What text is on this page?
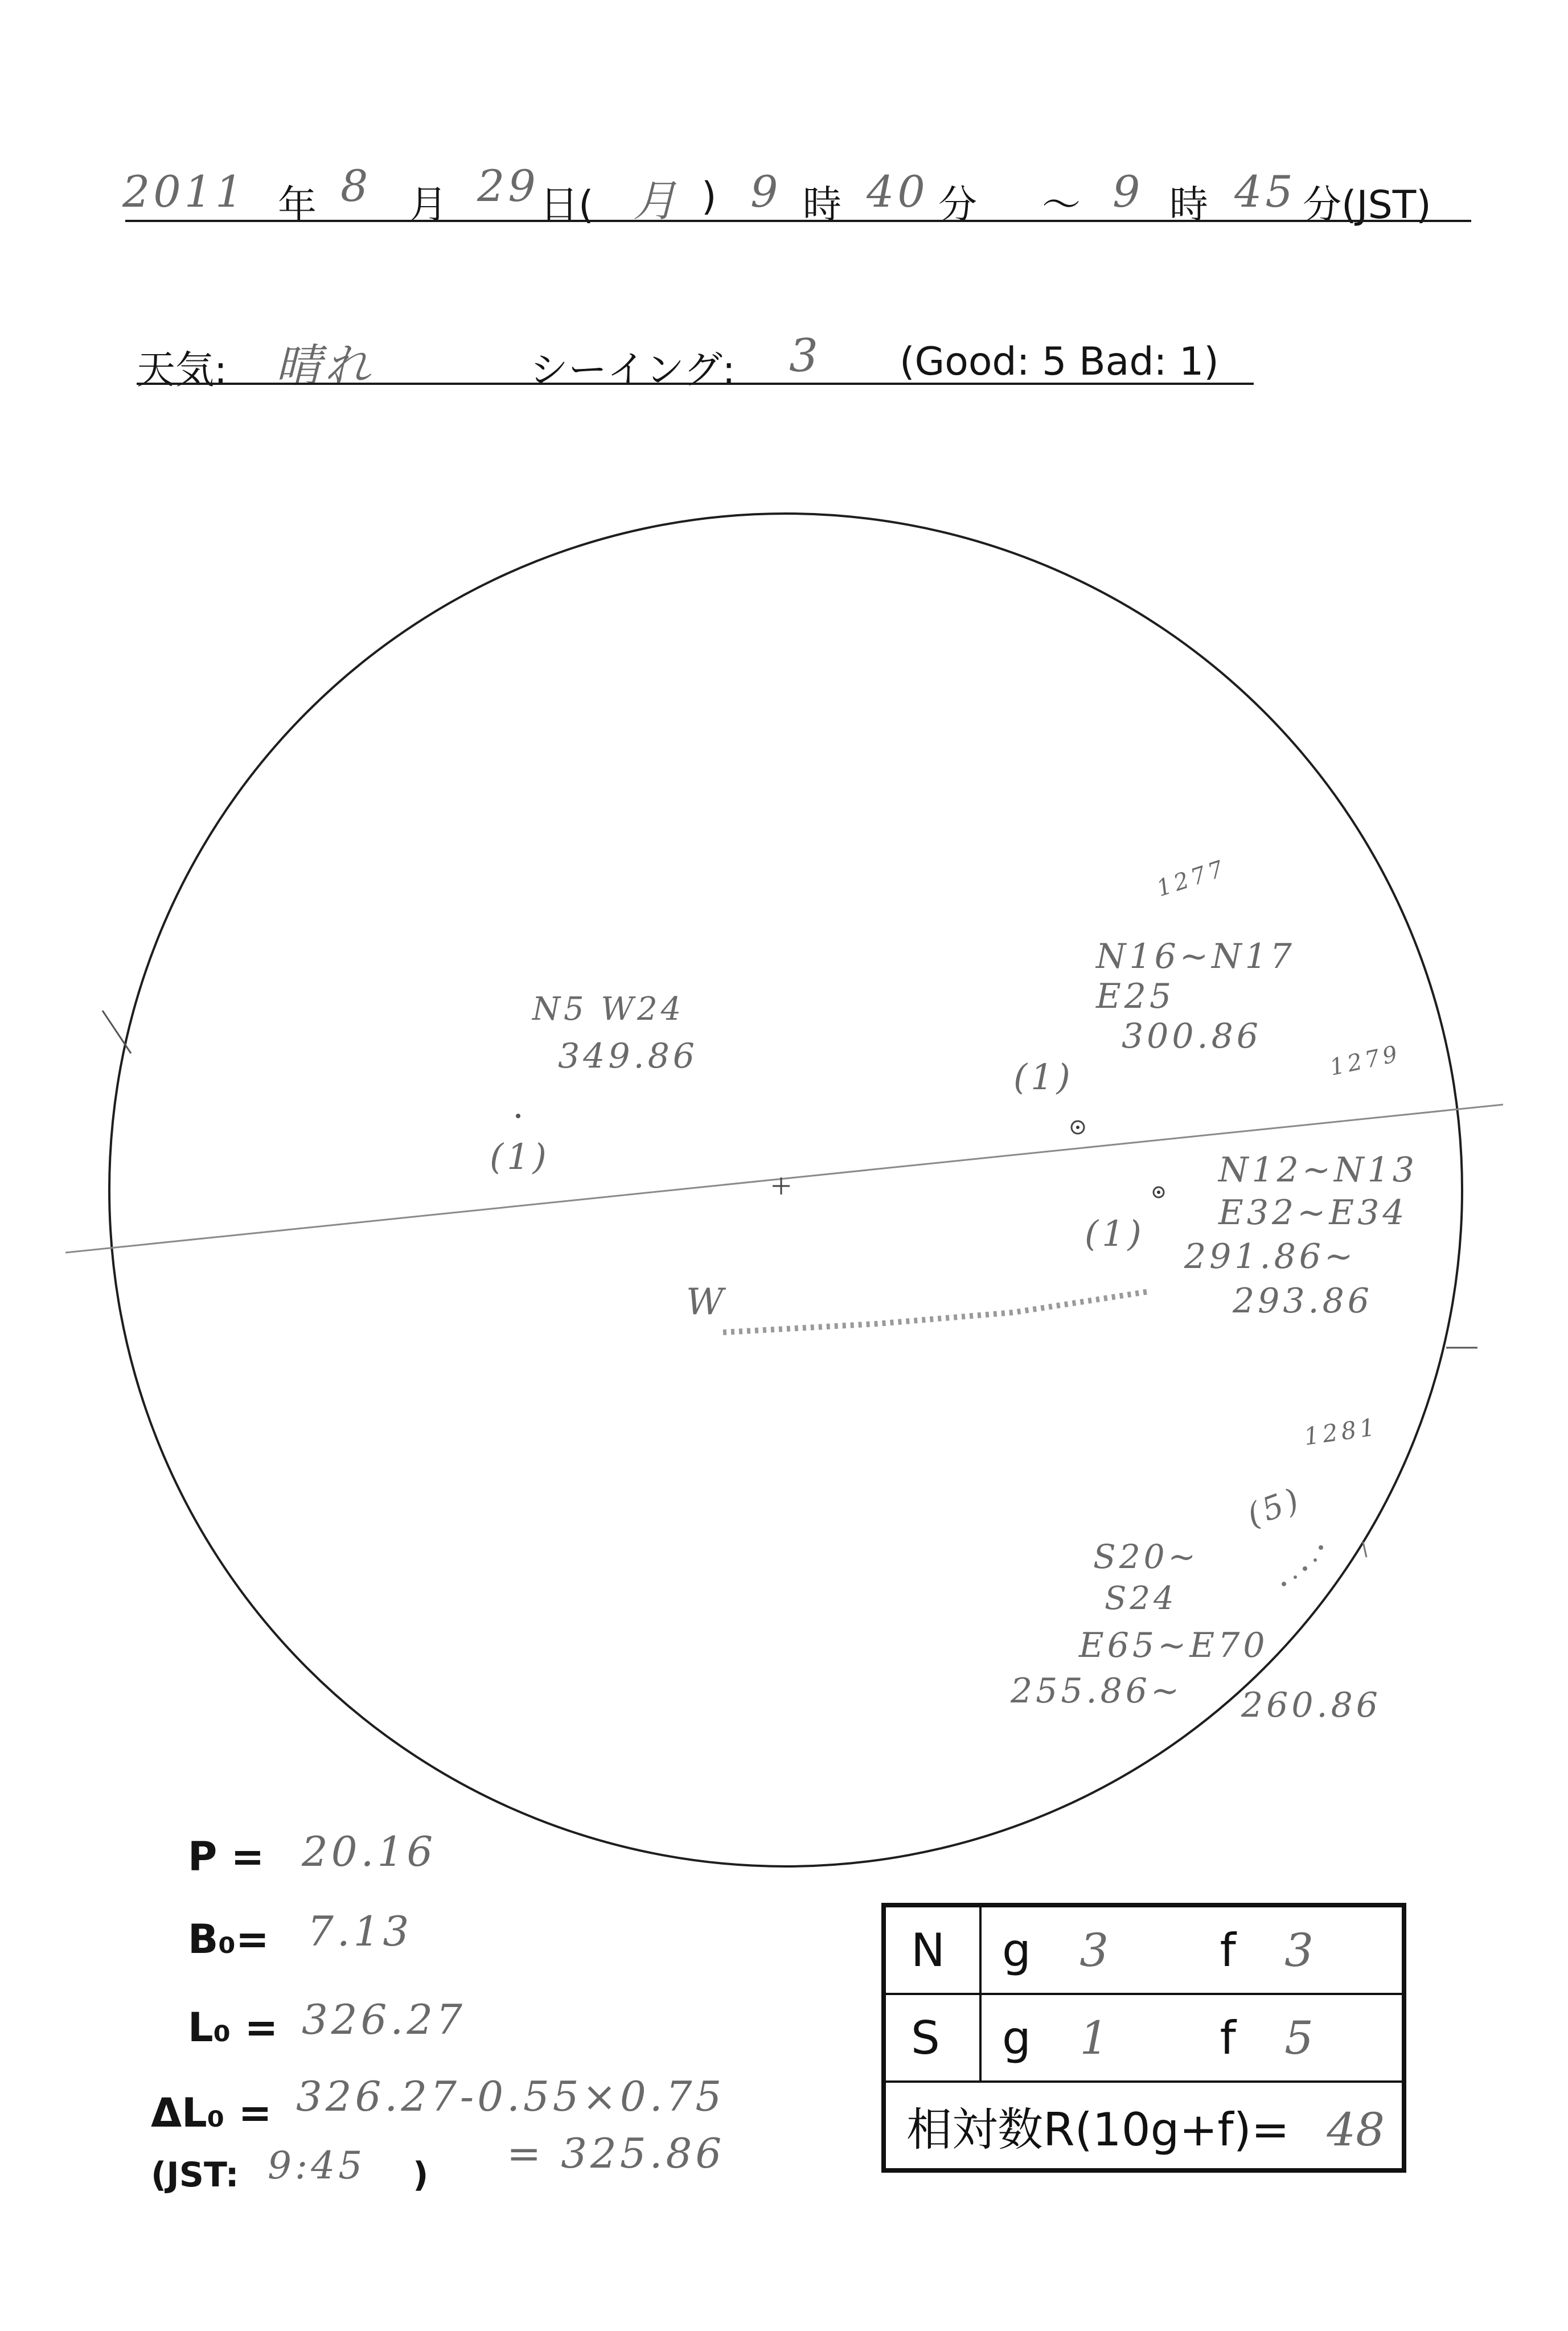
2011 年 8 月 29 日( 月 ) 9 時 40 分 ～ 9 時 45 分(JST)
天気: 晴れ	シーイング: 3 (Good: 5 Bad: 1)
N5 W24
349.86
(1)
1277
N16~N17
E25
300.86
(1)	1279
N12~N13
E32~E34
291.86~
293.86
(1)
W
1281
(5)
S20~
S24
E65~E70
255.86~ 260.86
P = 20.16
B₀= 7.13
L₀ = 326.27
ΔL₀ = 326.27-0.55×0.75
(JST: 9:45 ) = 325.86
N	g 3 f 3
S	g 1 f 5
相対数R(10g+f)= 48	
